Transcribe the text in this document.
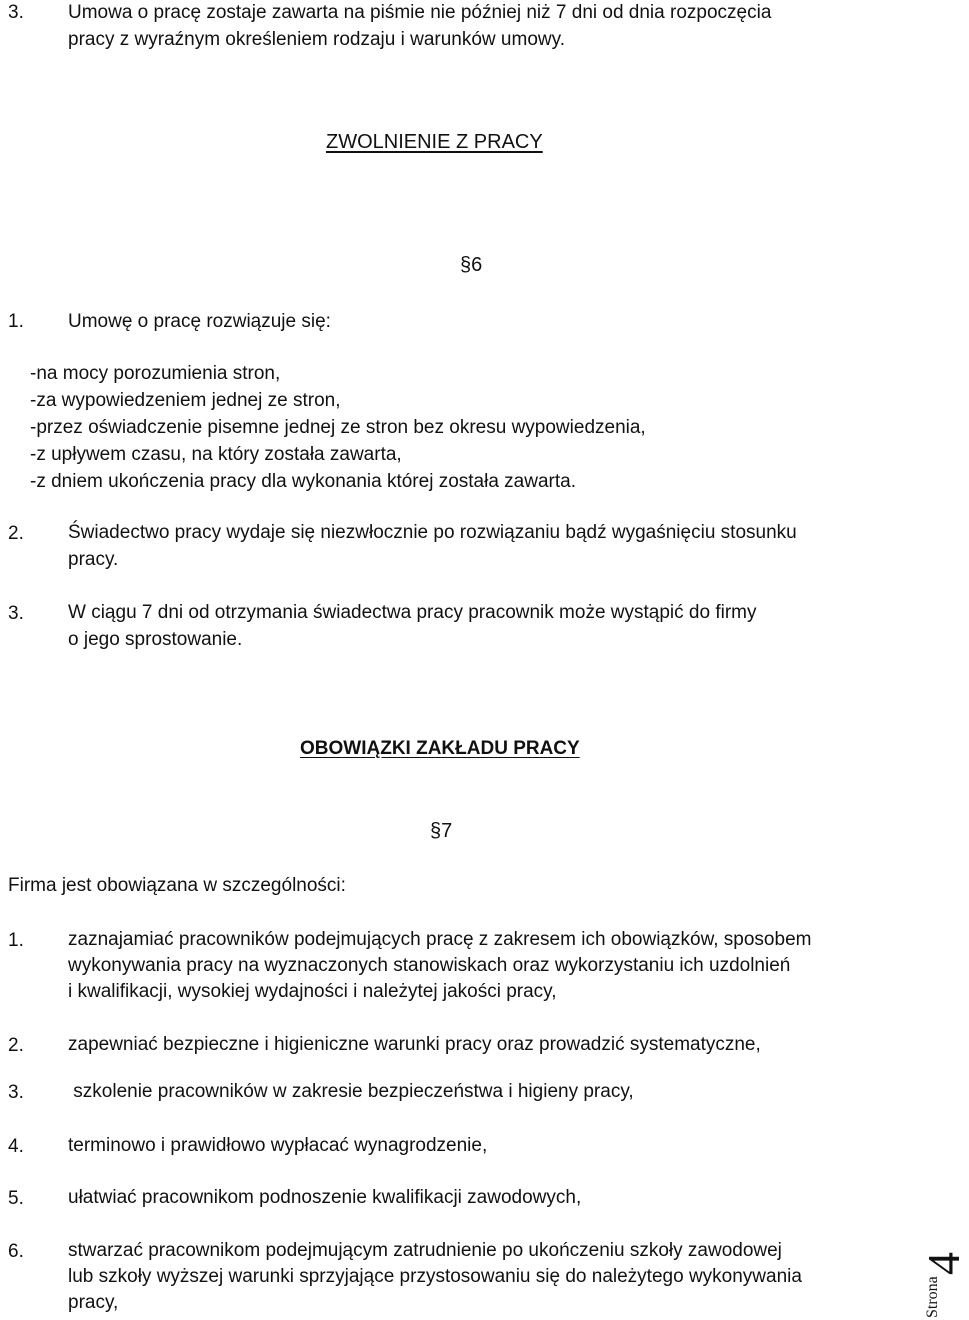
3. Umowa o pracę zostaje zawarta na piśmie nie później niż 7 dni od dnia rozpoczęcia
pracy z wyraźnym określeniem rodzaju i warunków umowy.
ZWOLNIENIE Z PRACY
§6
1. Umowę o pracę rozwiązuje się:
-na mocy porozumienia stron,
-za wypowiedzeniem jednej ze stron,
-przez oświadczenie pisemne jednej ze stron bez okresu wypowiedzenia,
-z upływem czasu, na który została zawarta,
-z dniem ukończenia pracy dla wykonania której została zawarta.
2. Świadectwo pracy wydaje się niezwłocznie po rozwiązaniu bądź wygaśnięciu stosunku
pracy.
3. W ciągu 7 dni od otrzymania świadectwa pracy pracownik może wystąpić do firmy
o jego sprostowanie.
OBOWIĄZKI ZAKŁADU PRACY
§7
Firma jest obowiązana w szczególności:
1. zaznajamiać pracowników podejmujących pracę z zakresem ich obowiązków, sposobem
wykonywania pracy na wyznaczonych stanowiskach oraz wykorzystaniu ich uzdolnień
i kwalifikacji, wysokiej wydajności i należytej jakości pracy,
2. zapewniać bezpieczne i higieniczne warunki pracy oraz prowadzić systematyczne,
3. szkolenie pracowników w zakresie bezpieczeństwa i higieny pracy,
4. terminowo i prawidłowo wypłacać wynagrodzenie,
5. ułatwiać pracownikom podnoszenie kwalifikacji zawodowych,
6. stwarzać pracownikom podejmującym zatrudnienie po ukończeniu szkoły zawodowej
lub szkoły wyższej warunki sprzyjające przystosowaniu się do należytego wykonywania
pracy,	Strona
4
